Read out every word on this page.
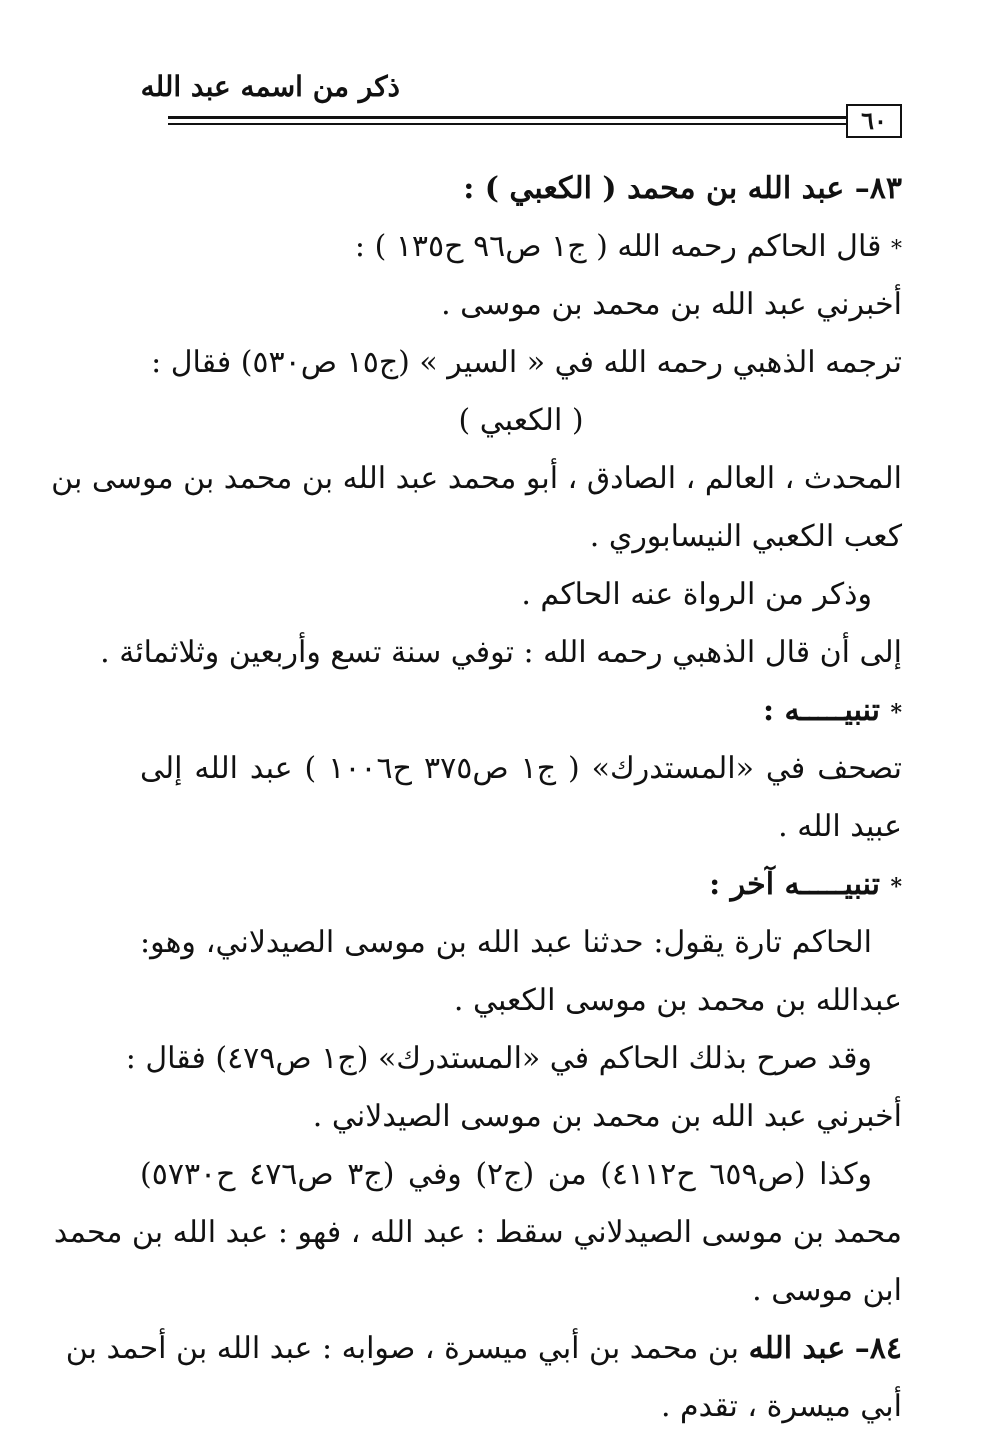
ذكر من اسمه عبد الله
٦٠
٨٣– عبد الله بن محمد ( الكعبي ) :
* قال الحاكم رحمه الله ( ج١ ص٩٦ ح١٣٥ ) :
أخبرني عبد الله بن محمد بن موسى .
ترجمه الذهبي رحمه الله في « السير » (ج١٥ ص٥٣٠) فقال :
( الكعبي )
المحدث ، العالم ، الصادق ، أبو محمد عبد الله بن محمد بن موسى بن
كعب الكعبي النيسابوري .
وذكر من الرواة عنه الحاكم .
إلى أن قال الذهبي رحمه الله : توفي سنة تسع وأربعين وثلاثمائة .
* تنبيـــــه :
تصحف في «المستدرك» ( ج١ ص٣٧٥ ح١٠٠٦ ) عبد الله إلى
عبيد الله .
* تنبيـــــه آخر :
الحاكم تارة يقول: حدثنا عبد الله بن موسى الصيدلاني، وهو:
عبدالله بن محمد بن موسى الكعبي .
وقد صرح بذلك الحاكم في «المستدرك» (ج١ ص٤٧٩) فقال :
أخبرني عبد الله بن محمد بن موسى الصيدلاني .
وكذا (ص٦٥٩ ح٤١١٢) من (ج٢) وفي (ج٣ ص٤٧٦ ح٥٧٣٠)
محمد بن موسى الصيدلاني سقط : عبد الله ، فهو : عبد الله بن محمد
ابن موسى .
٨٤– عبد الله بن محمد بن أبي ميسرة ، صوابه : عبد الله بن أحمد بن
أبي ميسرة ، تقدم .
